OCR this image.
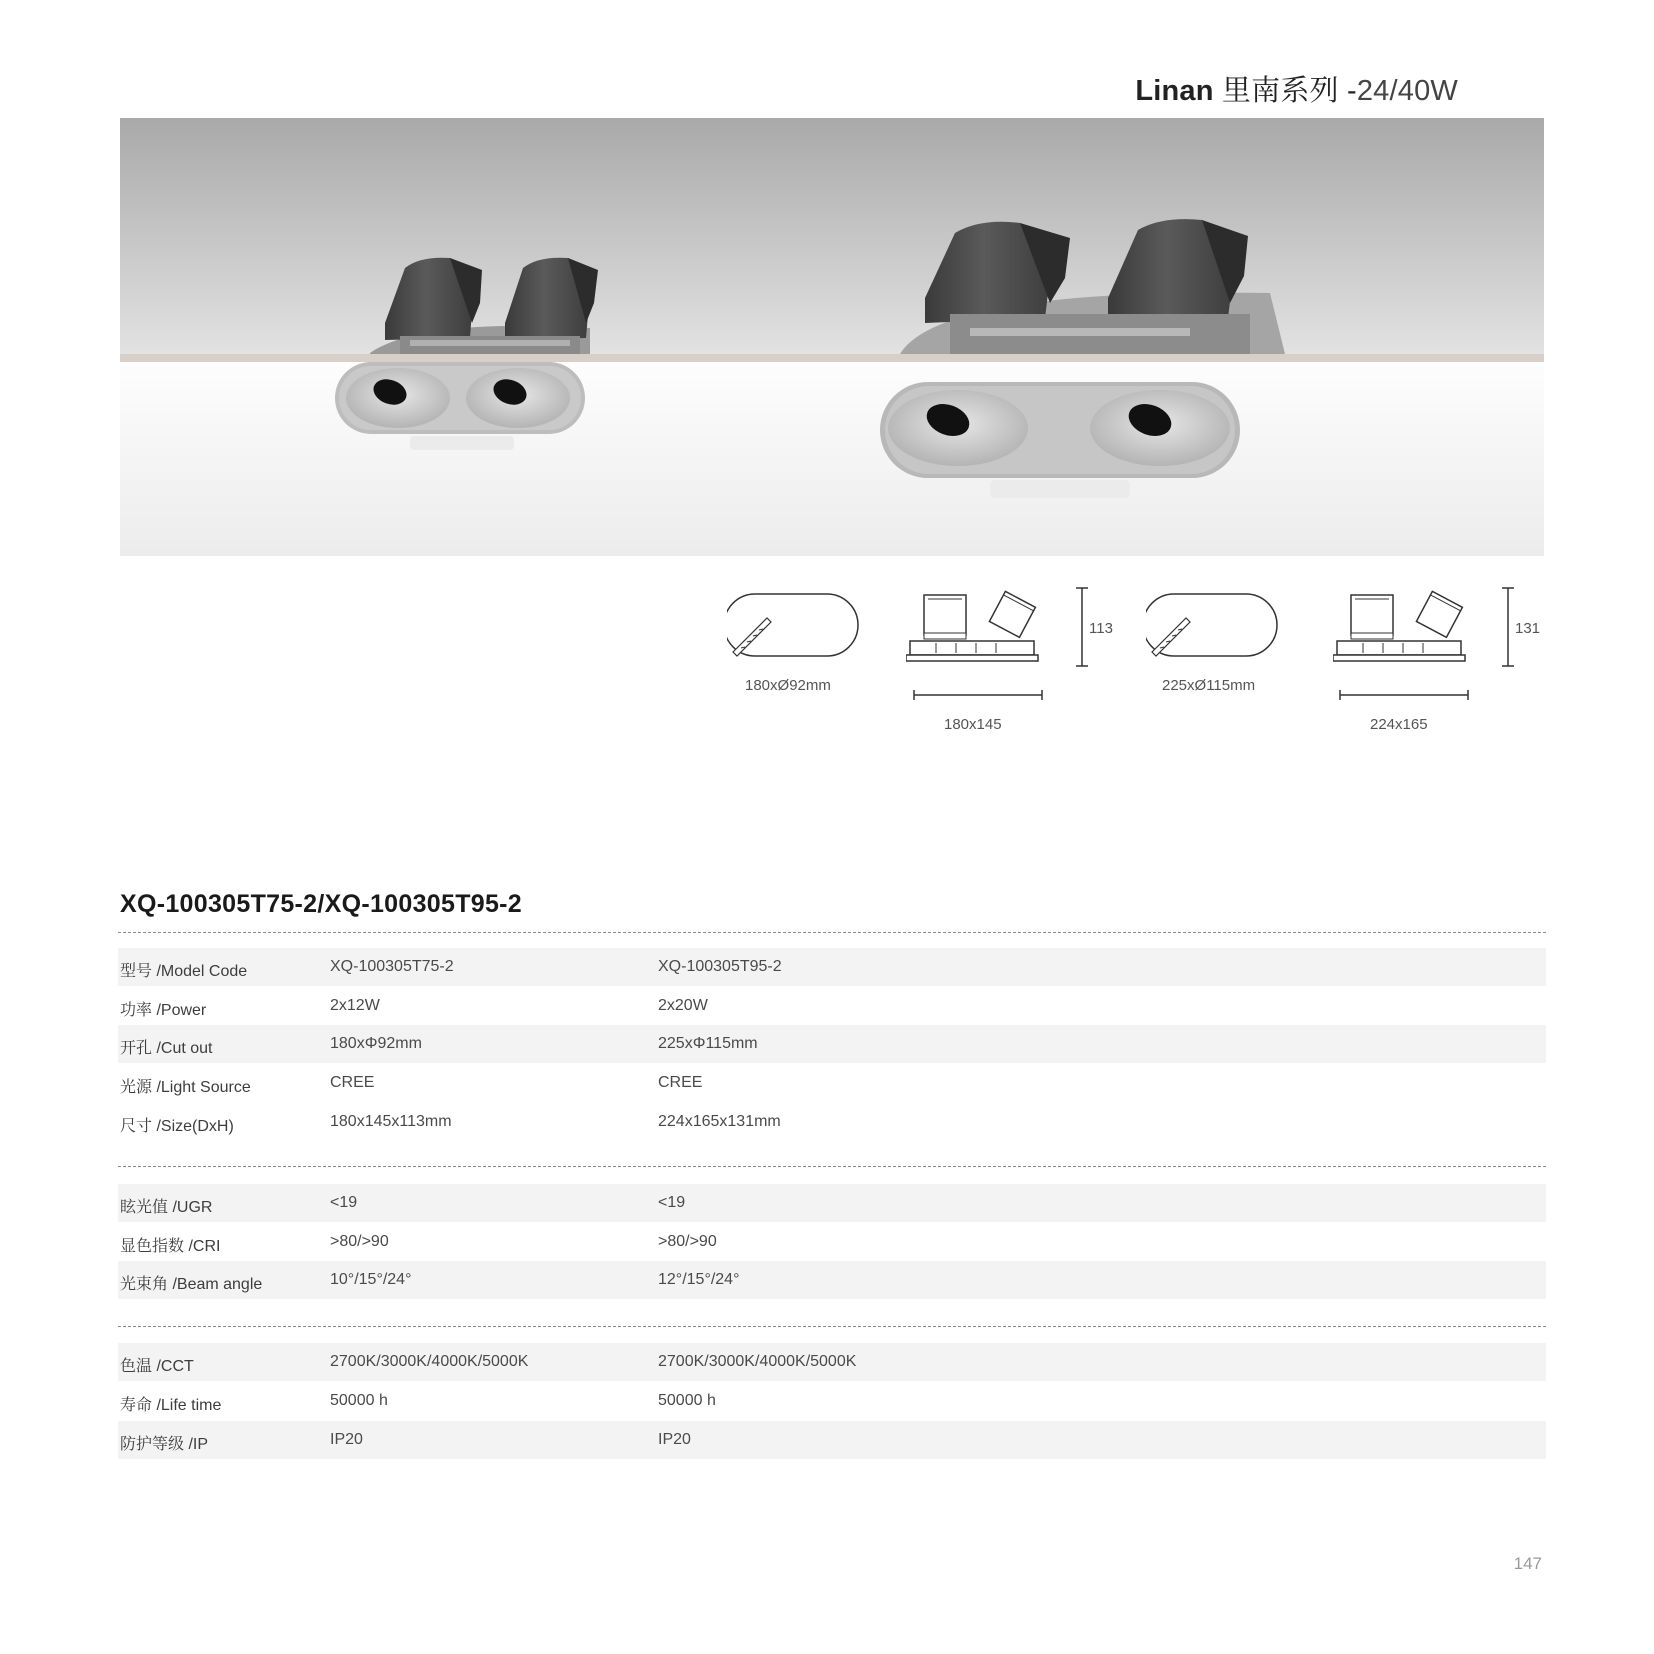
Linan 里南系列 -24/40W
180xØ92mm
113
180x145
225xØ115mm
131
224x165
XQ-100305T75-2/XQ-100305T95-2
型号 /Model Code	XQ-100305T75-2	XQ-100305T95-2
功率 /Power	2x12W	2x20W
开孔 /Cut out	180xΦ92mm	225xΦ115mm
光源 /Light Source	CREE	CREE
尺寸 /Size(DxH)	180x145x113mm	224x165x131mm
眩光值 /UGR	<19	<19
显色指数 /CRI	>80/>90	>80/>90
光束角 /Beam angle	10°/15°/24°	12°/15°/24°
色温 /CCT	2700K/3000K/4000K/5000K	2700K/3000K/4000K/5000K
寿命 /Life time	50000 h	50000 h
防护等级 /IP	IP20	IP20
147
